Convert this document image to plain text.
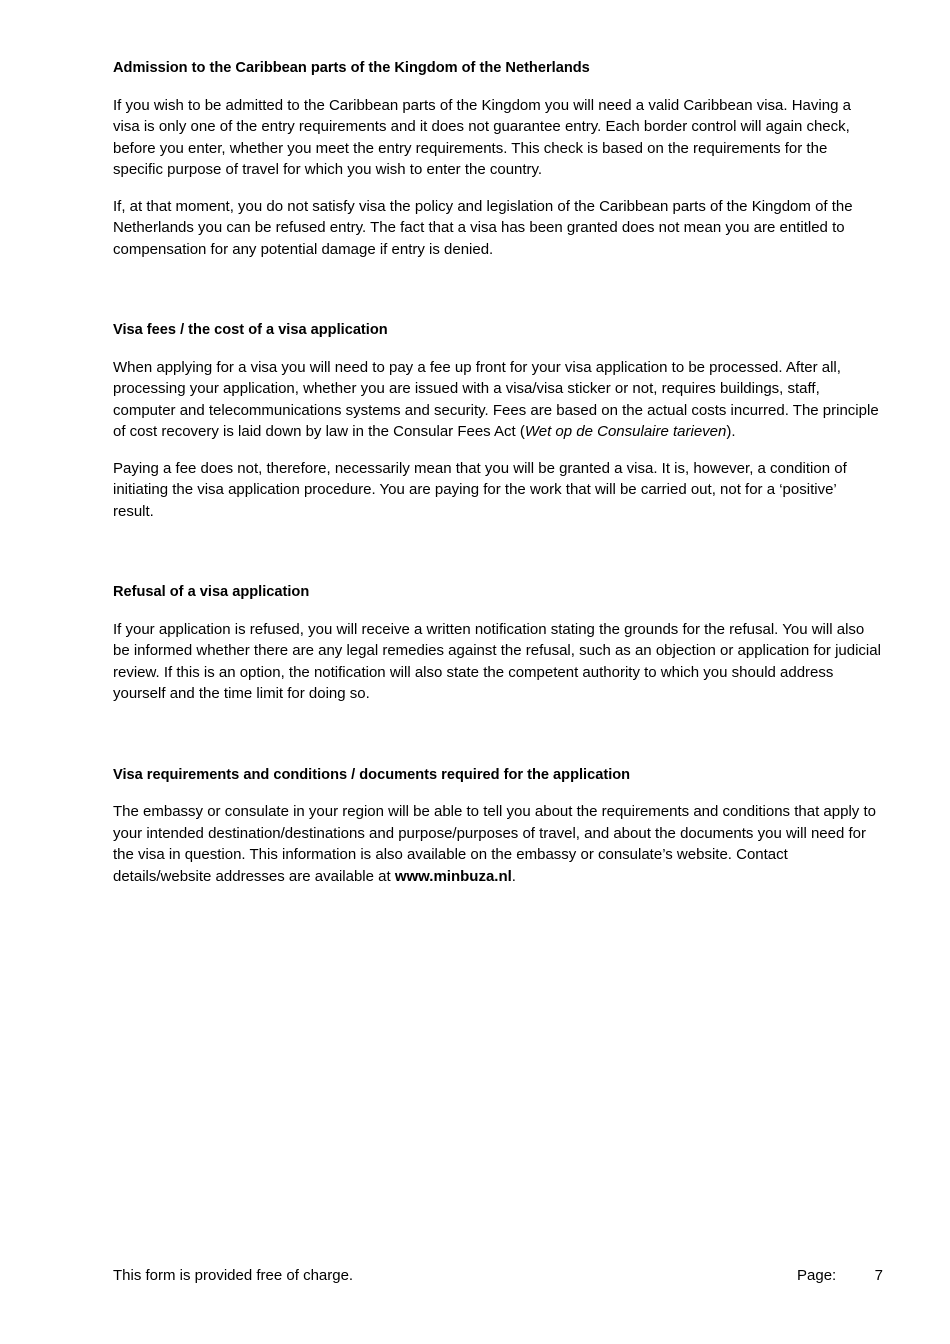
Admission to the Caribbean parts of the Kingdom of the Netherlands

If you wish to be admitted to the Caribbean parts of the Kingdom you will need a valid Caribbean visa. Having a visa is only one of the entry requirements and it does not guarantee entry. Each border control will again check, before you enter, whether you meet the entry requirements. This check is based on the requirements for the specific purpose of travel for which you wish to enter the country.

If, at that moment, you do not satisfy visa the policy and legislation of the Caribbean parts of the Kingdom of the Netherlands you can be refused entry. The fact that a visa has been granted does not mean you are entitled to compensation for any potential damage if entry is denied.

Visa fees / the cost of a visa application

When applying for a visa you will need to pay a fee up front for your visa application to be processed. After all, processing your application, whether you are issued with a visa/visa sticker or not, requires buildings, staff, computer and telecommunications systems and security. Fees are based on the actual costs incurred. The principle of cost recovery is laid down by law in the Consular Fees Act (Wet op de Consulaire tarieven).

Paying a fee does not, therefore, necessarily mean that you will be granted a visa. It is, however, a condition of initiating the visa application procedure. You are paying for the work that will be carried out, not for a ‘positive’ result.

Refusal of a visa application

If your application is refused, you will receive a written notification stating the grounds for the refusal. You will also be informed whether there are any legal remedies against the refusal, such as an objection or application for judicial review. If this is an option, the notification will also state the competent authority to which you should address yourself and the time limit for doing so.

Visa requirements and conditions / documents required for the application

The embassy or consulate in your region will be able to tell you about the requirements and conditions that apply to your intended destination/destinations and purpose/purposes of travel, and about the documents you will need for the visa in question. This information is also available on the embassy or consulate’s website. Contact details/website addresses are available at www.minbuza.nl.

This form is provided free of charge.	Page:	7
